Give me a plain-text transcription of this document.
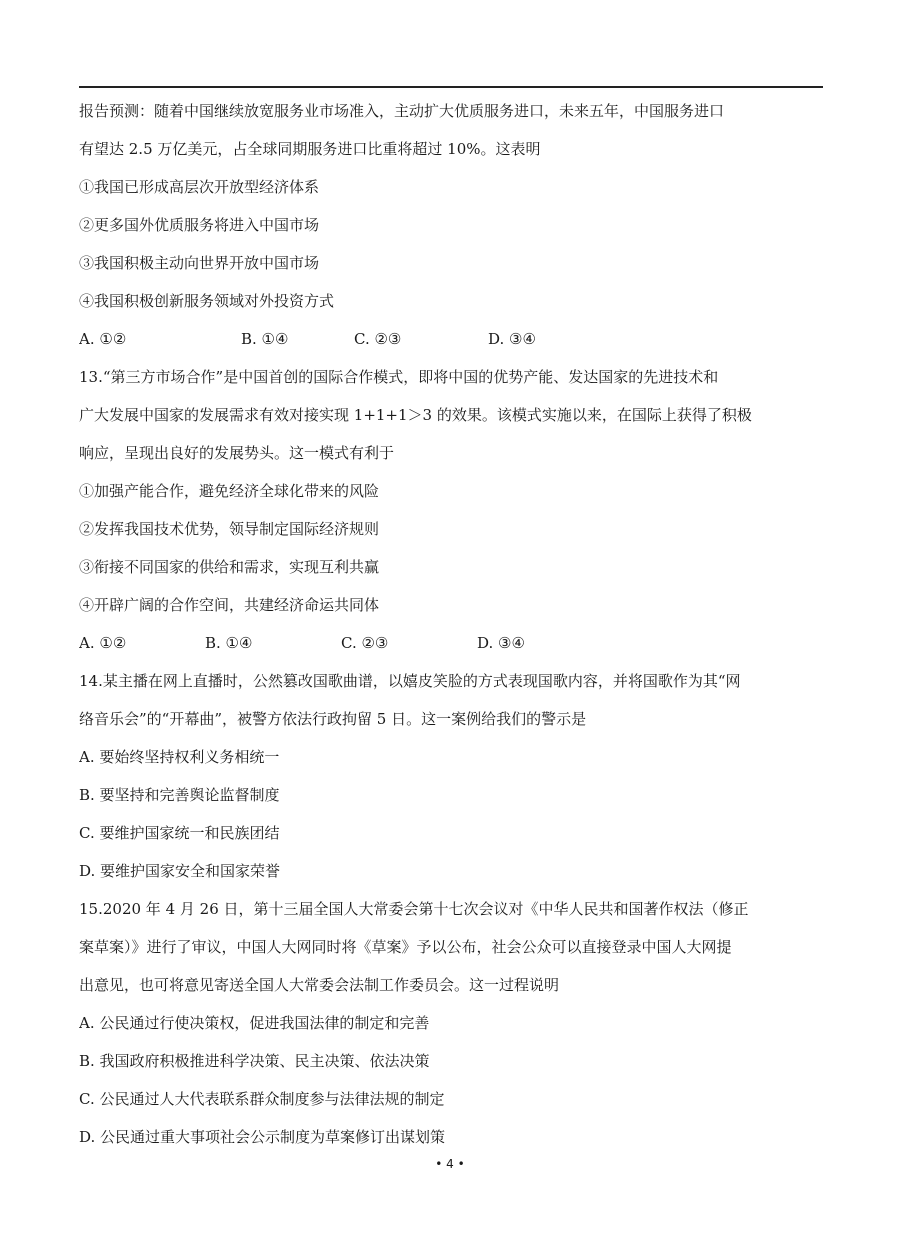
报告预测：随着中国继续放宽服务业市场准入，主动扩大优质服务进口，未来五年，中国服务进口
有望达 2.5 万亿美元，占全球同期服务进口比重将超过 10%。这表明
①我国已形成高层次开放型经济体系
②更多国外优质服务将进入中国市场
③我国积极主动向世界开放中国市场
④我国积极创新服务领域对外投资方式
A. ①②	B. ①④	C. ②③	D. ③④
13.“第三方市场合作”是中国首创的国际合作模式，即将中国的优势产能、发达国家的先进技术和
广大发展中国家的发展需求有效对接实现 1+1+1＞3 的效果。该模式实施以来，在国际上获得了积极
响应，呈现出良好的发展势头。这一模式有利于
①加强产能合作，避免经济全球化带来的风险
②发挥我国技术优势，领导制定国际经济规则
③衔接不同国家的供给和需求，实现互利共赢
④开辟广阔的合作空间，共建经济命运共同体
A. ①②	B. ①④	C. ②③	D. ③④
14.某主播在网上直播时，公然篡改国歌曲谱，以嬉皮笑脸的方式表现国歌内容，并将国歌作为其“网
络音乐会”的“开幕曲”，被警方依法行政拘留 5 日。这一案例给我们的警示是
A. 要始终坚持权利义务相统一
B. 要坚持和完善舆论监督制度
C. 要维护国家统一和民族团结
D. 要维护国家安全和国家荣誉
15.2020 年 4 月 26 日，第十三届全国人大常委会第十七次会议对《中华人民共和国著作权法（修正
案草案）》进行了审议，中国人大网同时将《草案》予以公布，社会公众可以直接登录中国人大网提
出意见，也可将意见寄送全国人大常委会法制工作委员会。这一过程说明
A. 公民通过行使决策权，促进我国法律的制定和完善
B. 我国政府积极推进科学决策、民主决策、依法决策
C. 公民通过人大代表联系群众制度参与法律法规的制定
D. 公民通过重大事项社会公示制度为草案修订出谋划策
• 4 •
